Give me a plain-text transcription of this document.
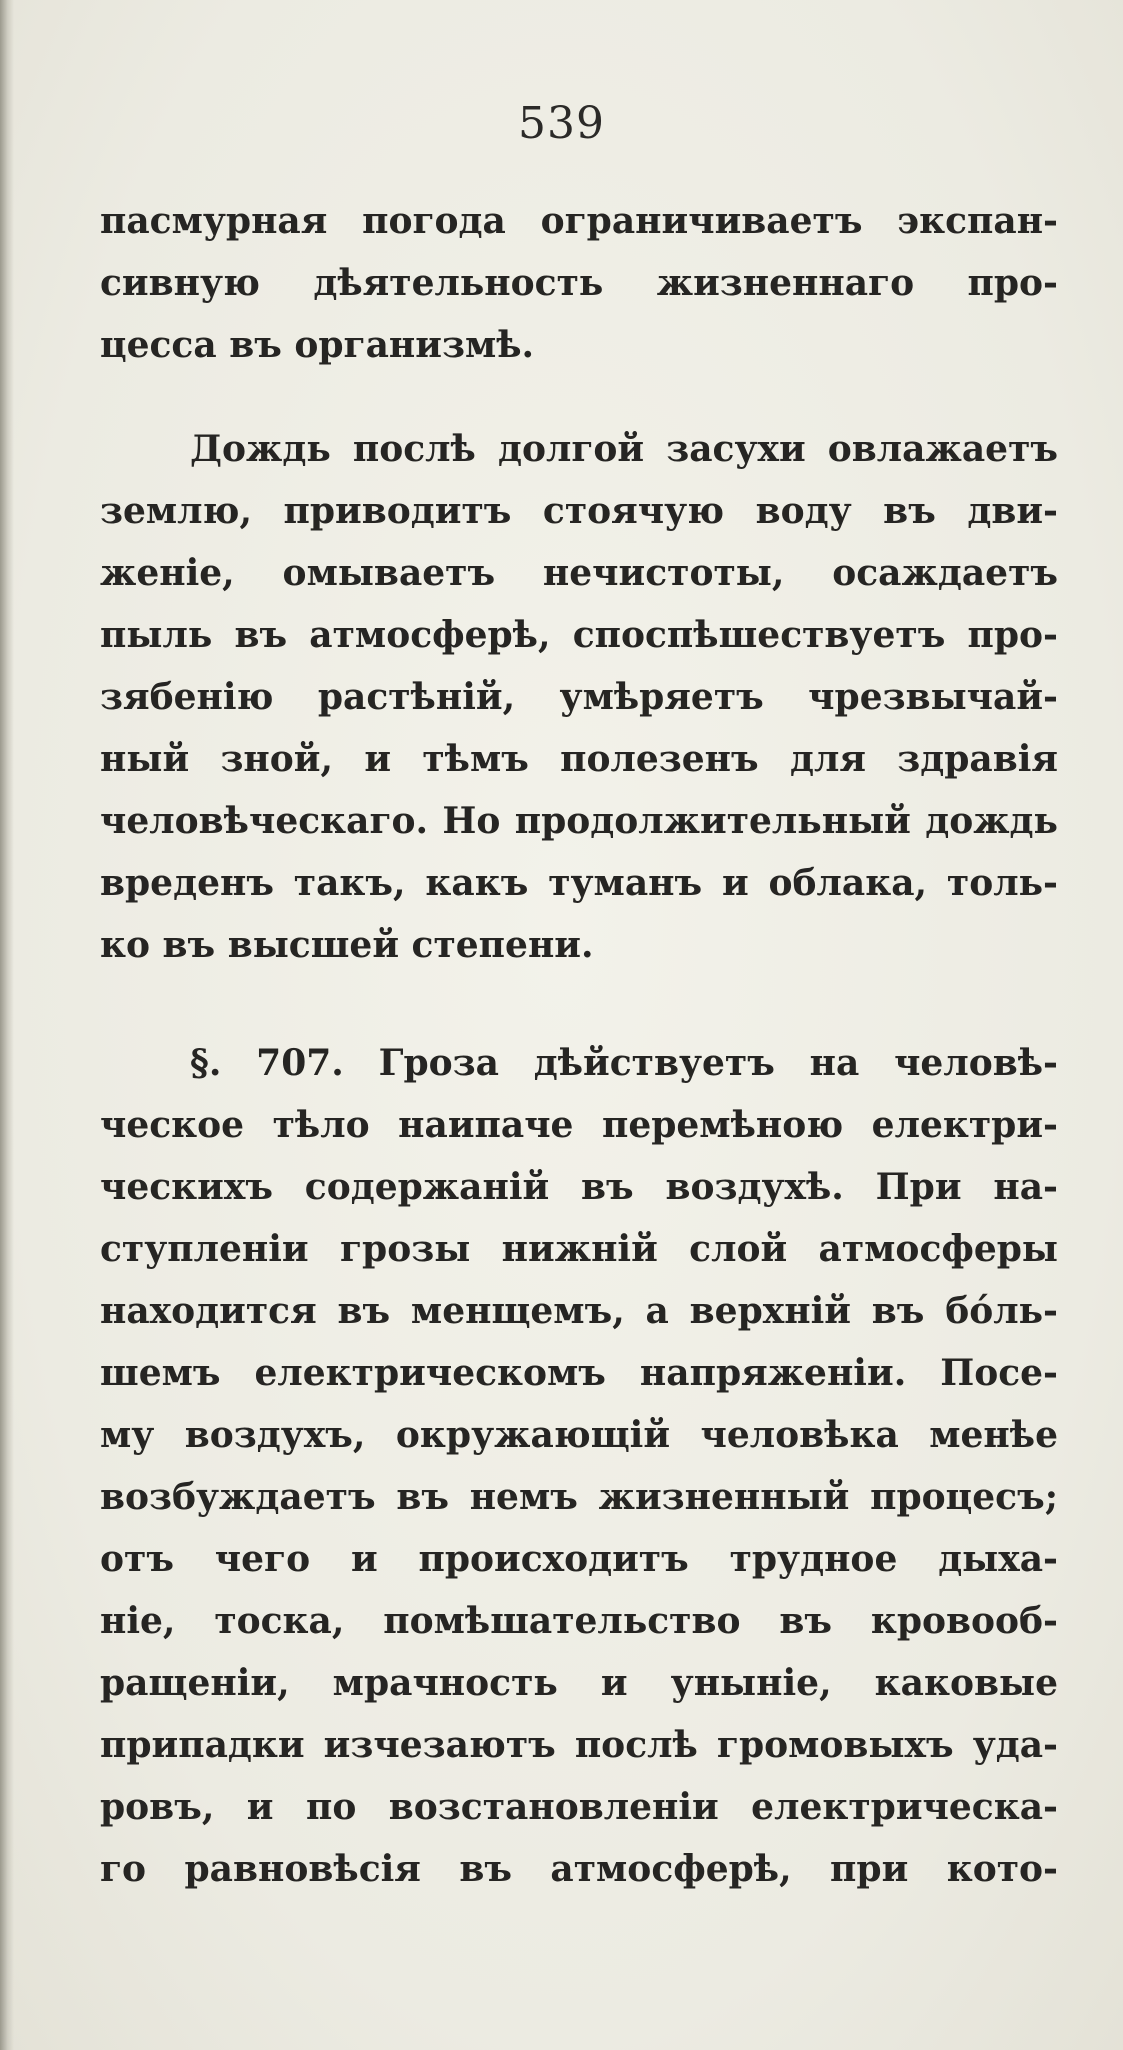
539
пасмурная погода ограничиваетъ экспан-
сивную дѣятельность жизненнаго про-
цесса въ организмѣ.
Дождь послѣ долгой засухи овлажаетъ
землю, приводитъ стоячую воду въ дви-
женіе, омываетъ нечистоты, осаждаетъ
пыль въ атмосферѣ, споспѣшествуетъ про-
зябенію растѣній, умѣряетъ чрезвычай-
ный зной, и тѣмъ полезенъ для здравія
человѣческаго. Но продолжительный дождь
вреденъ такъ, какъ туманъ и облака, толь-
ко въ высшей степени.
§. 707. Гроза дѣйствуетъ на человѣ-
ческое тѣло наипаче перемѣною електри-
ческихъ содержаній въ воздухѣ. При на-
ступленіи грозы нижній слой атмосферы
находится въ менщемъ, а верхній въ бо́ль-
шемъ електрическомъ напряженіи. Посе-
му воздухъ, окружающій человѣка менѣе
возбуждаетъ въ немъ жизненный процесъ;
отъ чего и происходитъ трудное дыха-
ніе, тоска, помѣшательство въ кровооб-
ращеніи, мрачность и уныніе, каковые
припадки изчезаютъ послѣ громовыхъ уда-
ровъ, и по возстановленіи електрическа-
го равновѣсія въ атмосферѣ, при кото-
